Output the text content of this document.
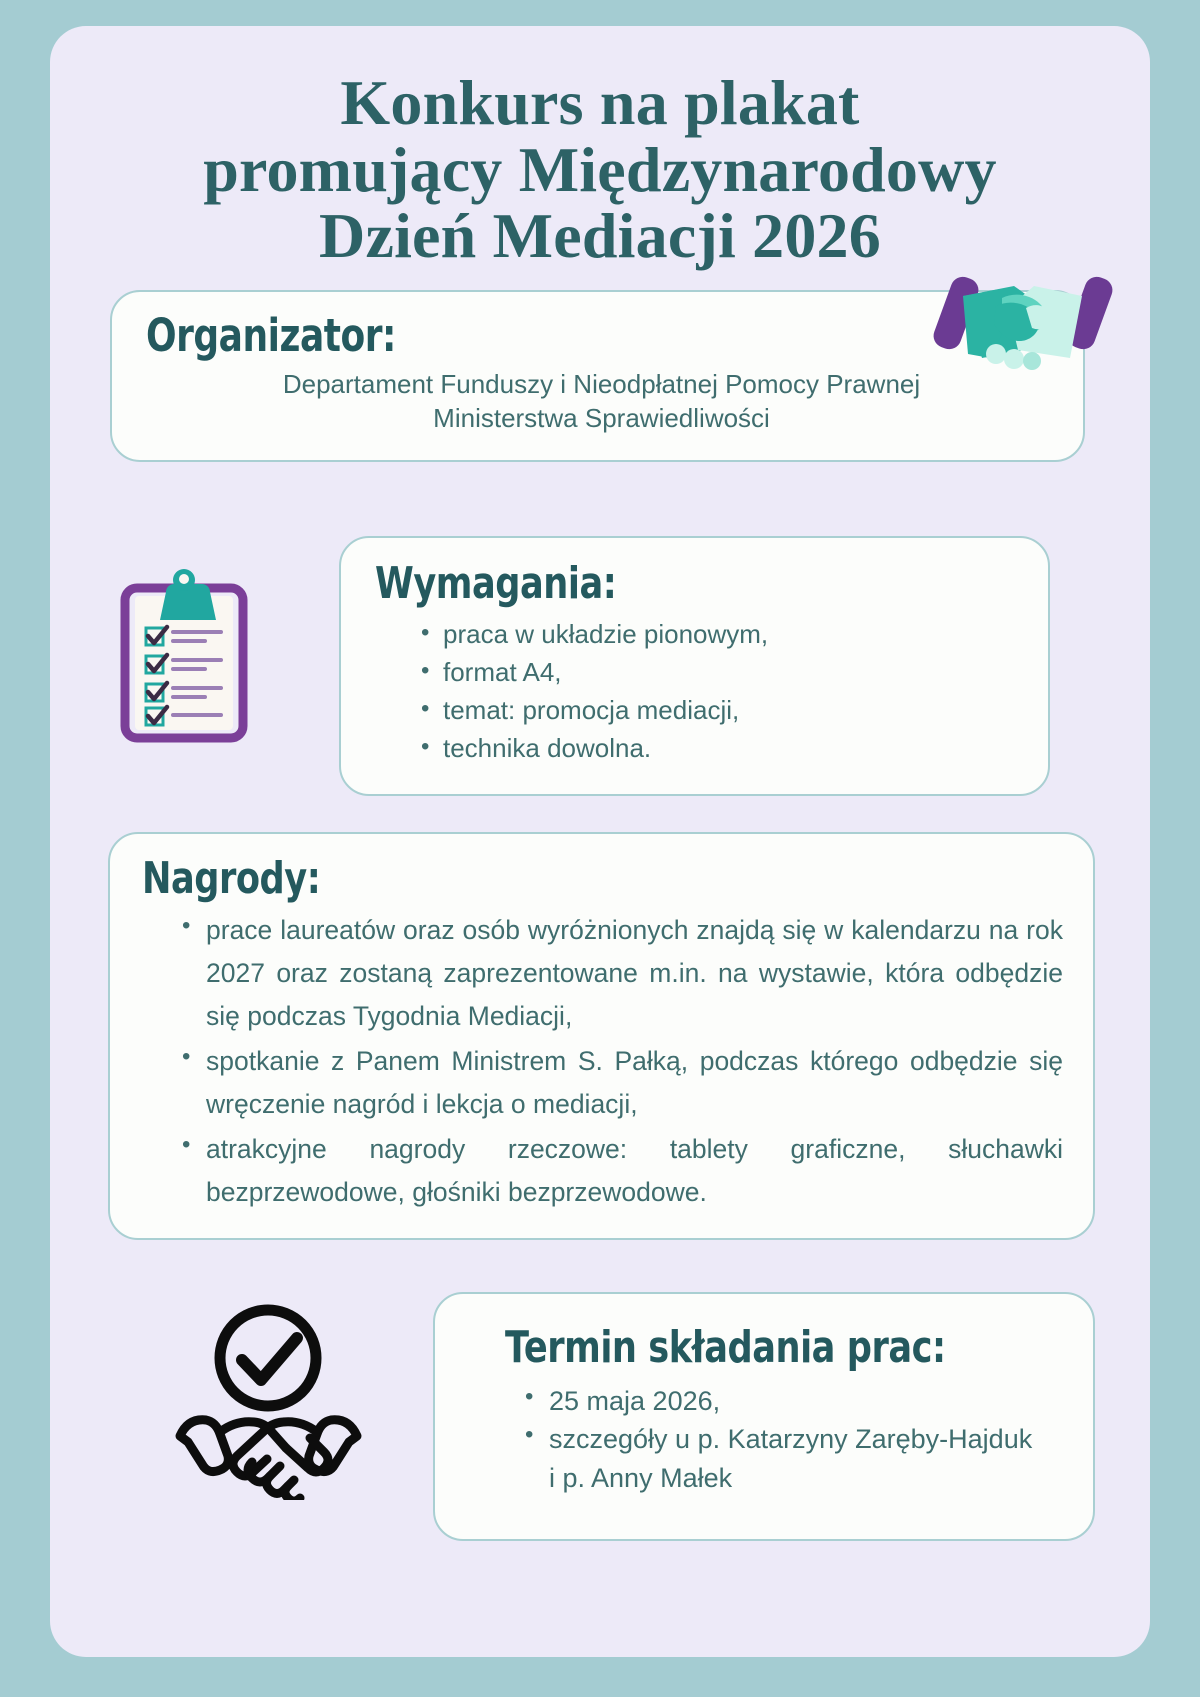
Konkurs na plakat
promujący Międzynarodowy
Dzień Mediacji 2026
Organizator:
Departament Funduszy i Nieodpłatnej Pomocy Prawnej
Ministerstwa Sprawiedliwości
Wymagania:
• praca w układzie pionowym,
• format A4,
• temat: promocja mediacji,
• technika dowolna.
Nagrody:
• prace laureatów oraz osób wyróżnionych znajdą się w kalendarzu na rok 2027 oraz zostaną zaprezentowane m.in. na wystawie, która odbędzie się podczas Tygodnia Mediacji,
• spotkanie z Panem Ministrem S. Pałką, podczas którego odbędzie się wręczenie nagród i lekcja o mediacji,
• atrakcyjne nagrody rzeczowe: tablety graficzne, słuchawki bezprzewodowe, głośniki bezprzewodowe.
Termin składania prac:
• 25 maja 2026,
• szczegóły u p. Katarzyny Zaręby-Hajduk
i p. Anny Małek
